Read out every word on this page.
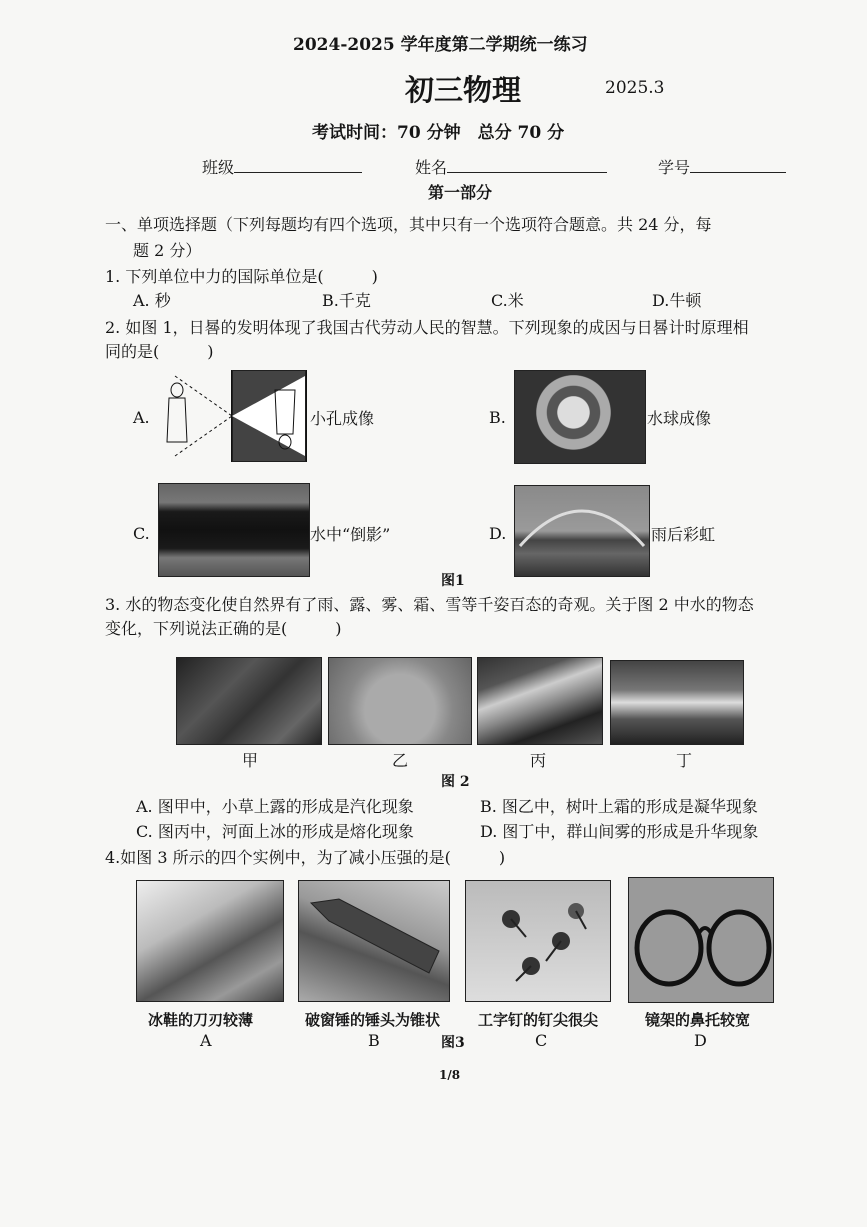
2024-2025 学年度第二学期统一练习
初三物理	2025.3
考试时间：70 分钟　总分 70 分
班级	姓名	学号
第一部分
一、单项选择题（下列每题均有四个选项，其中只有一个选项符合题意。共 24 分，每
题 2 分）
1. 下列单位中力的国际单位是(　　　)
A. 秒	B.千克	C.米	D.牛顿
2. 如图 1，日晷的发明体现了我国古代劳动人民的智慧。下列现象的成因与日晷计时原理相
同的是(　　　)
A.	小孔成像	B.	水球成像
C.	水中“倒影”	D.	雨后彩虹
图1
3. 水的物态变化使自然界有了雨、露、雾、霜、雪等千姿百态的奇观。关于图 2 中水的物态
变化，下列说法正确的是(　　　)
甲	乙	丙	丁
图 2
A. 图甲中，小草上露的形成是汽化现象	B. 图乙中，树叶上霜的形成是凝华现象
C. 图丙中，河面上冰的形成是熔化现象	D. 图丁中，群山间雾的形成是升华现象
4.如图 3 所示的四个实例中，为了减小压强的是(　　　)
冰鞋的刀刃较薄	破窗锤的锤头为锥状	工字钉的钉尖很尖	镜架的鼻托较宽
A	B	图3	C	D
1/8
